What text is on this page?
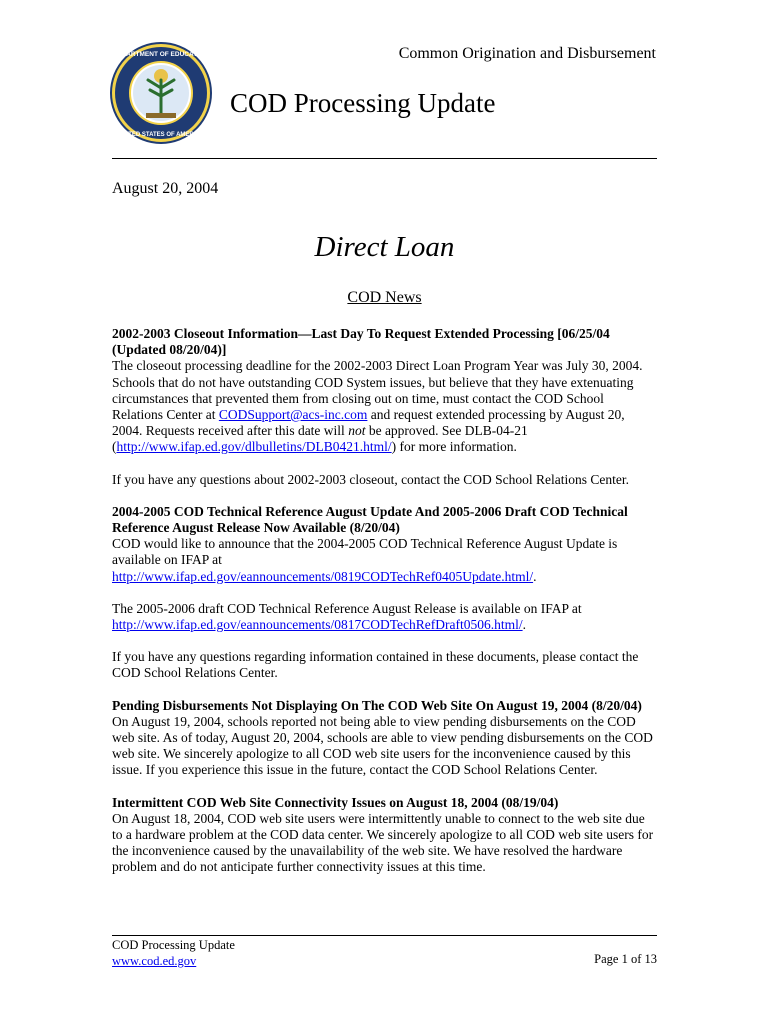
DEPARTMENT OF EDUCATION
UNITED STATES OF AMERICA
Common Origination and Disbursement
COD Processing Update
August 20, 2004
Direct Loan
COD News
2002-2003 Closeout Information—Last Day To Request Extended Processing [06/25/04 (Updated 08/20/04)]

The closeout processing deadline for the 2002-2003 Direct Loan Program Year was July 30, 2004. Schools that do not have outstanding COD System issues, but believe that they have extenuating circumstances that prevented them from closing out on time, must contact the COD School Relations Center at CODSupport@acs-inc.com and request extended processing by August 20, 2004. Requests received after this date will not be approved. See DLB-04-21 (http://www.ifap.ed.gov/dlbulletins/DLB0421.html/) for more information.

If you have any questions about 2002-2003 closeout, contact the COD School Relations Center.

2004-2005 COD Technical Reference August Update And 2005-2006 Draft COD Technical Reference August Release Now Available (8/20/04)

COD would like to announce that the 2004-2005 COD Technical Reference August Update is available on IFAP at
http://www.ifap.ed.gov/eannouncements/0819CODTechRef0405Update.html/.

The 2005-2006 draft COD Technical Reference August Release is available on IFAP at
http://www.ifap.ed.gov/eannouncements/0817CODTechRefDraft0506.html/.

If you have any questions regarding information contained in these documents, please contact the COD School Relations Center.

Pending Disbursements Not Displaying On The COD Web Site On August 19, 2004 (8/20/04)

On August 19, 2004, schools reported not being able to view pending disbursements on the COD web site. As of today, August 20, 2004, schools are able to view pending disbursements on the COD web site. We sincerely apologize to all COD web site users for the inconvenience caused by this issue. If you experience this issue in the future, contact the COD School Relations Center.

Intermittent COD Web Site Connectivity Issues on August 18, 2004 (08/19/04)

On August 18, 2004, COD web site users were intermittently unable to connect to the web site due to a hardware problem at the COD data center. We sincerely apologize to all COD web site users for the inconvenience caused by the unavailability of the web site. We have resolved the hardware problem and do not anticipate further connectivity issues at this time.

COD Processing Update
www.cod.ed.gov	Page 1 of 13
